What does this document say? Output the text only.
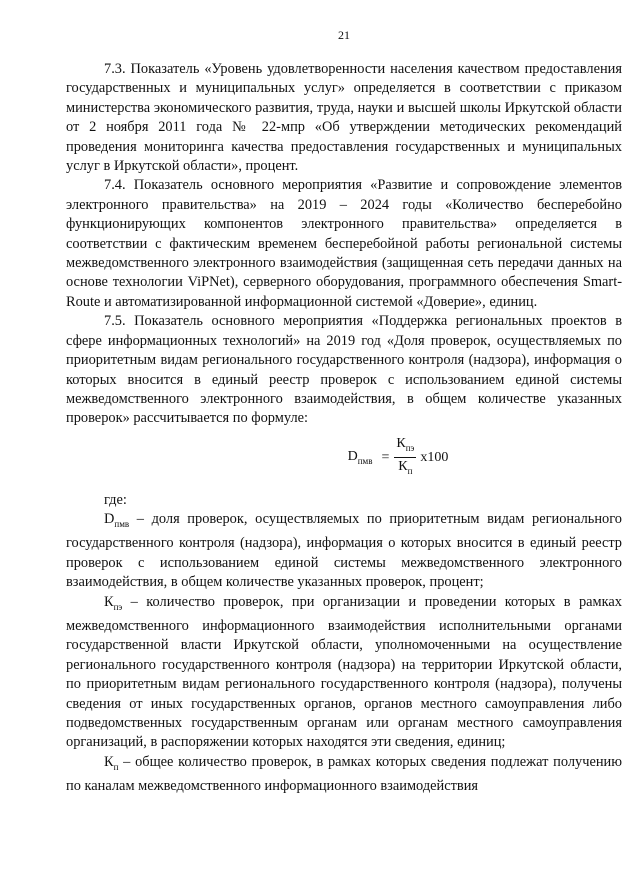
21

7.3. Показатель «Уровень удовлетворенности населения качеством предоставления государственных и муниципальных услуг» определяется в соответствии с приказом министерства экономического развития, труда, науки и высшей школы Иркутской области от 2 ноября 2011 года № 22-мпр «Об утверждении методических рекомендаций проведения мониторинга качества предоставления государственных и муниципальных услуг в Иркутской области», процент.

7.4. Показатель основного мероприятия «Развитие и сопровождение элементов электронного правительства» на 2019 – 2024 годы «Количество бесперебойно функционирующих компонентов электронного правительства» определяется в соответствии с фактическим временем бесперебойной работы региональной системы межведомственного электронного взаимодействия (защищенная сеть передачи данных на основе технологии ViPNet), серверного оборудования, программного обеспечения Smart-Route и автоматизированной информационной системой «Доверие», единиц.

7.5. Показатель основного мероприятия «Поддержка региональных проектов в сфере информационных технологий» на 2019 год «Доля проверок, осуществляемых по приоритетным видам регионального государственного контроля (надзора), информация о которых вносится в единый реестр проверок с использованием единой системы межведомственного электронного взаимодействия, в общем количестве указанных проверок» рассчитывается по формуле:

$D_{пмв} = \frac{К_{пэ}}{К_п} х100$

где:

$D_{пмв}$ – доля проверок, осуществляемых по приоритетным видам регионального государственного контроля (надзора), информация о которых вносится в единый реестр проверок с использованием единой системы межведомственного электронного взаимодействия, в общем количестве указанных проверок, процент;

$К_{пэ}$ – количество проверок, при организации и проведении которых в рамках межведомственного информационного взаимодействия исполнительными органами государственной власти Иркутской области, уполномоченными на осуществление регионального государственного контроля (надзора) на территории Иркутской области, по приоритетным видам регионального государственного контроля (надзора), получены сведения от иных государственных органов, органов местного самоуправления либо подведомственных государственным органам или органам местного самоуправления организаций, в распоряжении которых находятся эти сведения, единиц;

$К_п$ – общее количество проверок, в рамках которых сведения подлежат получению по каналам межведомственного информационного взаимодействия
